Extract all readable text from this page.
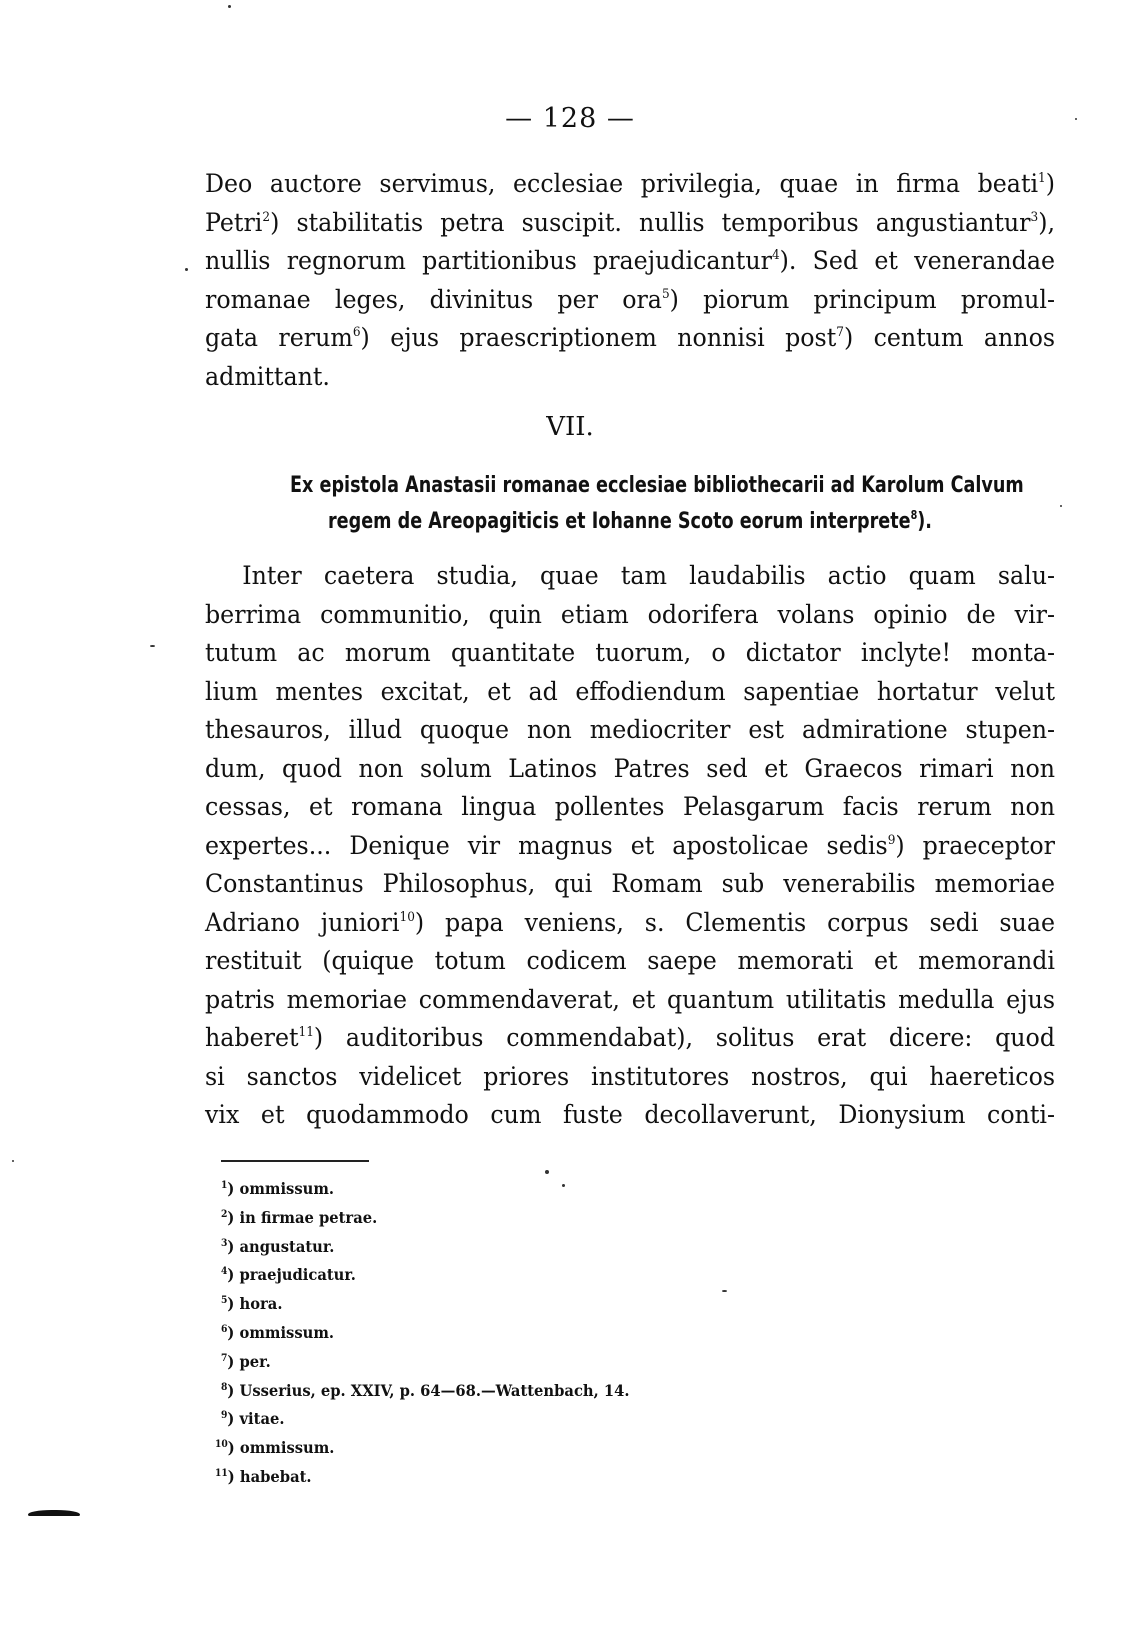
— 128 —
Deo auctore servimus, ecclesiae privilegia, quae in firma beati$^1$)
Petri$^2$) stabilitatis petra suscipit. nullis temporibus angustiantur$^3$),
nullis regnorum partitionibus praejudicantur$^4$). Sed et venerandae
romanae leges, divinitus per ora$^5$) piorum principum promul-
gata rerum$^6$) ejus praescriptionem nonnisi post$^7$) centum annos
admittant.
VII.
Ex epistola Anastasii romanae ecclesiae bibliothecarii ad Karolum Calvum
regem de Areopagiticis et Iohanne Scoto eorum interprete$^8$).
Inter caetera studia, quae tam laudabilis actio quam salu-
berrima communitio, quin etiam odorifera volans opinio de vir-
tutum ac morum quantitate tuorum, o dictator inclyte! monta-
lium mentes excitat, et ad effodiendum sapentiae hortatur velut
thesauros, illud quoque non mediocriter est admiratione stupen-
dum, quod non solum Latinos Patres sed et Graecos rimari non
cessas, et romana lingua pollentes Pelasgarum facis rerum non
expertes... Denique vir magnus et apostolicae sedis$^9$) praeceptor
Constantinus Philosophus, qui Romam sub venerabilis memoriae
Adriano juniori$^{10}$) papa veniens, s. Clementis corpus sedi suae
restituit (quique totum codicem saepe memorati et memorandi
patris memoriae commendaverat, et quantum utilitatis medulla ejus
haberet$^{11}$) auditoribus commendabat), solitus erat dicere: quod
si sanctos videlicet priores institutores nostros, qui haereticos
vix et quodammodo cum fuste decollaverunt, Dionysium conti-
$^1$) ommissum.
$^2$) in firmae petrae.
$^3$) angustatur.
$^4$) praejudicatur.
$^5$) hora.
$^6$) ommissum.
$^7$) per.
$^8$) Usserius, ep. XXIV, p. 64—68.—Wattenbach, 14.
$^9$) vitae.
$^{10}$) ommissum.
$^{11}$) habebat.
